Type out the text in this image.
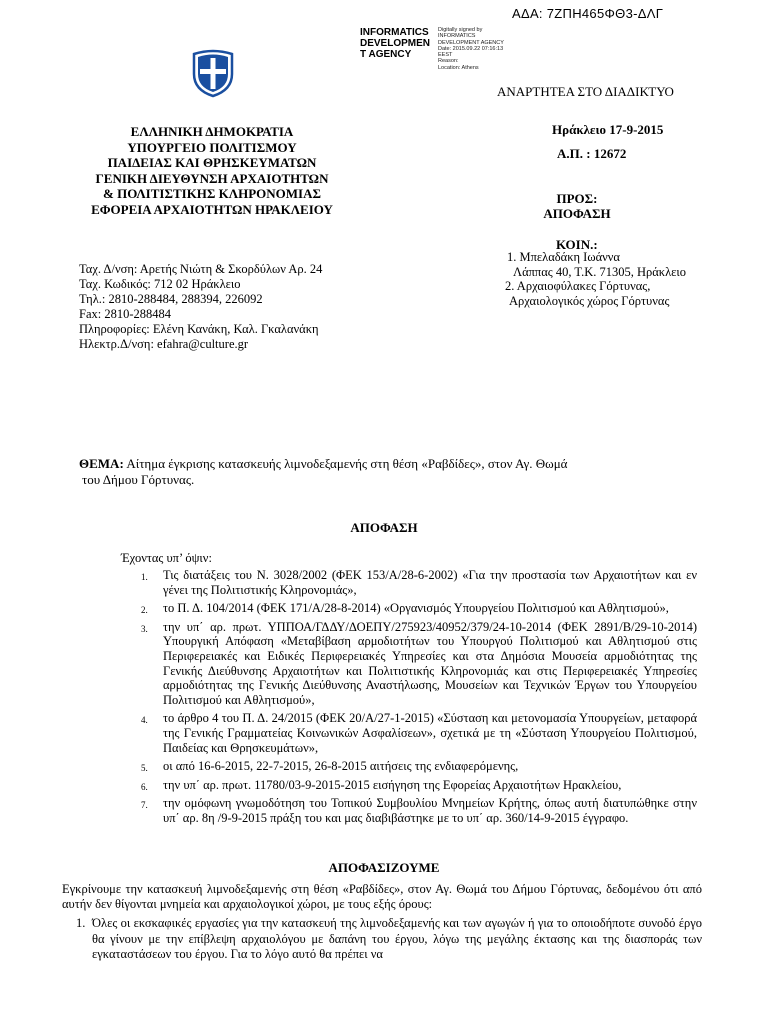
ΑΔΑ: 7ΖΠΗ465ΦΘ3-ΔΛΓ
INFORMATICS
DEVELOPMEN
T AGENCY
Digitally signed by
INFORMATICS
DEVELOPMENT AGENCY
Date: 2015.09.22 07:16:13
EEST
Reason:
Location: Athens
ΑΝΑΡΤΗΤΕΑ ΣΤΟ ΔΙΑΔΙΚΤΥΟ
ΕΛΛΗΝΙΚΗ ΔΗΜΟΚΡΑΤΙΑ
ΥΠΟΥΡΓΕΙΟ ΠΟΛΙΤΙΣΜΟΥ
ΠΑΙΔΕΙΑΣ ΚΑΙ ΘΡΗΣΚΕΥΜΑΤΩΝ
ΓΕΝΙΚΗ ΔΙΕΥΘΥΝΣΗ ΑΡΧΑΙΟΤΗΤΩΝ
& ΠΟΛΙΤΙΣΤΙΚΗΣ ΚΛΗΡΟΝΟΜΙΑΣ
ΕΦΟΡΕΙΑ ΑΡΧΑΙΟΤΗΤΩΝ ΗΡΑΚΛΕΙΟΥ
Ηράκλειο 17-9-2015
Α.Π. : 12672
ΠΡΟΣ:
ΑΠΟΦΑΣΗ
ΚΟΙΝ.:
1. Μπελαδάκη Ιωάννα
Λάππας 40, Τ.Κ. 71305, Ηράκλειο
2. Αρχαιοφύλακες Γόρτυνας,
Αρχαιολογικός χώρος Γόρτυνας
Ταχ. Δ/νση: Αρετής Νιώτη & Σκορδύλων Αρ. 24
Ταχ. Κωδικός: 712 02 Ηράκλειο
Τηλ.: 2810-288484, 288394, 226092
Fax: 2810-288484
Πληροφορίες: Ελένη Κανάκη, Καλ. Γκαλανάκη
Ηλεκτρ.Δ/νση: efahra@culture.gr
ΘΕΜΑ: Αίτημα έγκρισης κατασκευής λιμνοδεξαμενής στη θέση «Ραβδίδες», στον Αγ. Θωμά
του Δήμου Γόρτυνας.
ΑΠΟΦΑΣΗ
Έχοντας υπ’ όψιν:
1. Τις διατάξεις του Ν. 3028/2002 (ΦΕΚ 153/Α/28-6-2002) «Για την προστασία των Αρχαιοτήτων και εν γένει της Πολιτιστικής Κληρονομιάς»,
2. το Π. Δ. 104/2014 (ΦΕΚ 171/Α/28-8-2014) «Οργανισμός Υπουργείου Πολιτισμού και Αθλητισμού»,
3. την υπ΄ αρ. πρωτ. ΥΠΠΟΑ/ΓΔΔΥ/ΔΟΕΠΥ/275923/40952/379/24-10-2014 (ΦΕΚ 2891/Β/29-10-2014) Υπουργική Απόφαση «Μεταβίβαση αρμοδιοτήτων του Υπουργού Πολιτισμού και Αθλητισμού στις Περιφερειακές και Ειδικές Περιφερειακές Υπηρεσίες και στα Δημόσια Μουσεία αρμοδιότητας της Γενικής Διεύθυνσης Αρχαιοτήτων και Πολιτιστικής Κληρονομιάς και στις Περιφερειακές Υπηρεσίες αρμοδιότητας της Γενικής Διεύθυνσης Αναστήλωσης, Μουσείων και Τεχνικών Έργων του Υπουργείου Πολιτισμού και Αθλητισμού»,
4. το άρθρο 4 του Π. Δ. 24/2015 (ΦΕΚ 20/Α/27-1-2015) «Σύσταση και μετονομασία Υπουργείων, μεταφορά της Γενικής Γραμματείας Κοινωνικών Ασφαλίσεων», σχετικά με τη «Σύσταση Υπουργείου Πολιτισμού, Παιδείας και Θρησκευμάτων»,
5. οι από 16-6-2015, 22-7-2015, 26-8-2015 αιτήσεις της ενδιαφερόμενης,
6. την υπ΄ αρ. πρωτ. 11780/03-9-2015-2015 εισήγηση της Εφορείας Αρχαιοτήτων Ηρακλείου,
7. την ομόφωνη γνωμοδότηση του Τοπικού Συμβουλίου Μνημείων Κρήτης, όπως αυτή διατυπώθηκε στην υπ΄ αρ. 8η /9-9-2015 πράξη του και μας διαβιβάστηκε με το υπ΄ αρ. 360/14-9-2015 έγγραφο.
ΑΠΟΦΑΣΙΖΟΥΜΕ
Εγκρίνουμε την κατασκευή λιμνοδεξαμενής στη θέση «Ραβδίδες», στον Αγ. Θωμά του Δήμου Γόρτυνας, δεδομένου ότι από αυτήν δεν θίγονται μνημεία και αρχαιολογικοί χώροι, με τους εξής όρους:
1. Όλες οι εκσκαφικές εργασίες για την κατασκευή της λιμνοδεξαμενής και των αγωγών ή για το οποιοδήποτε συνοδό έργο θα γίνουν με την επίβλεψη αρχαιολόγου με δαπάνη του έργου, λόγω της μεγάλης έκτασης και της διασποράς των εγκαταστάσεων του έργου. Για το λόγο αυτό θα πρέπει να
